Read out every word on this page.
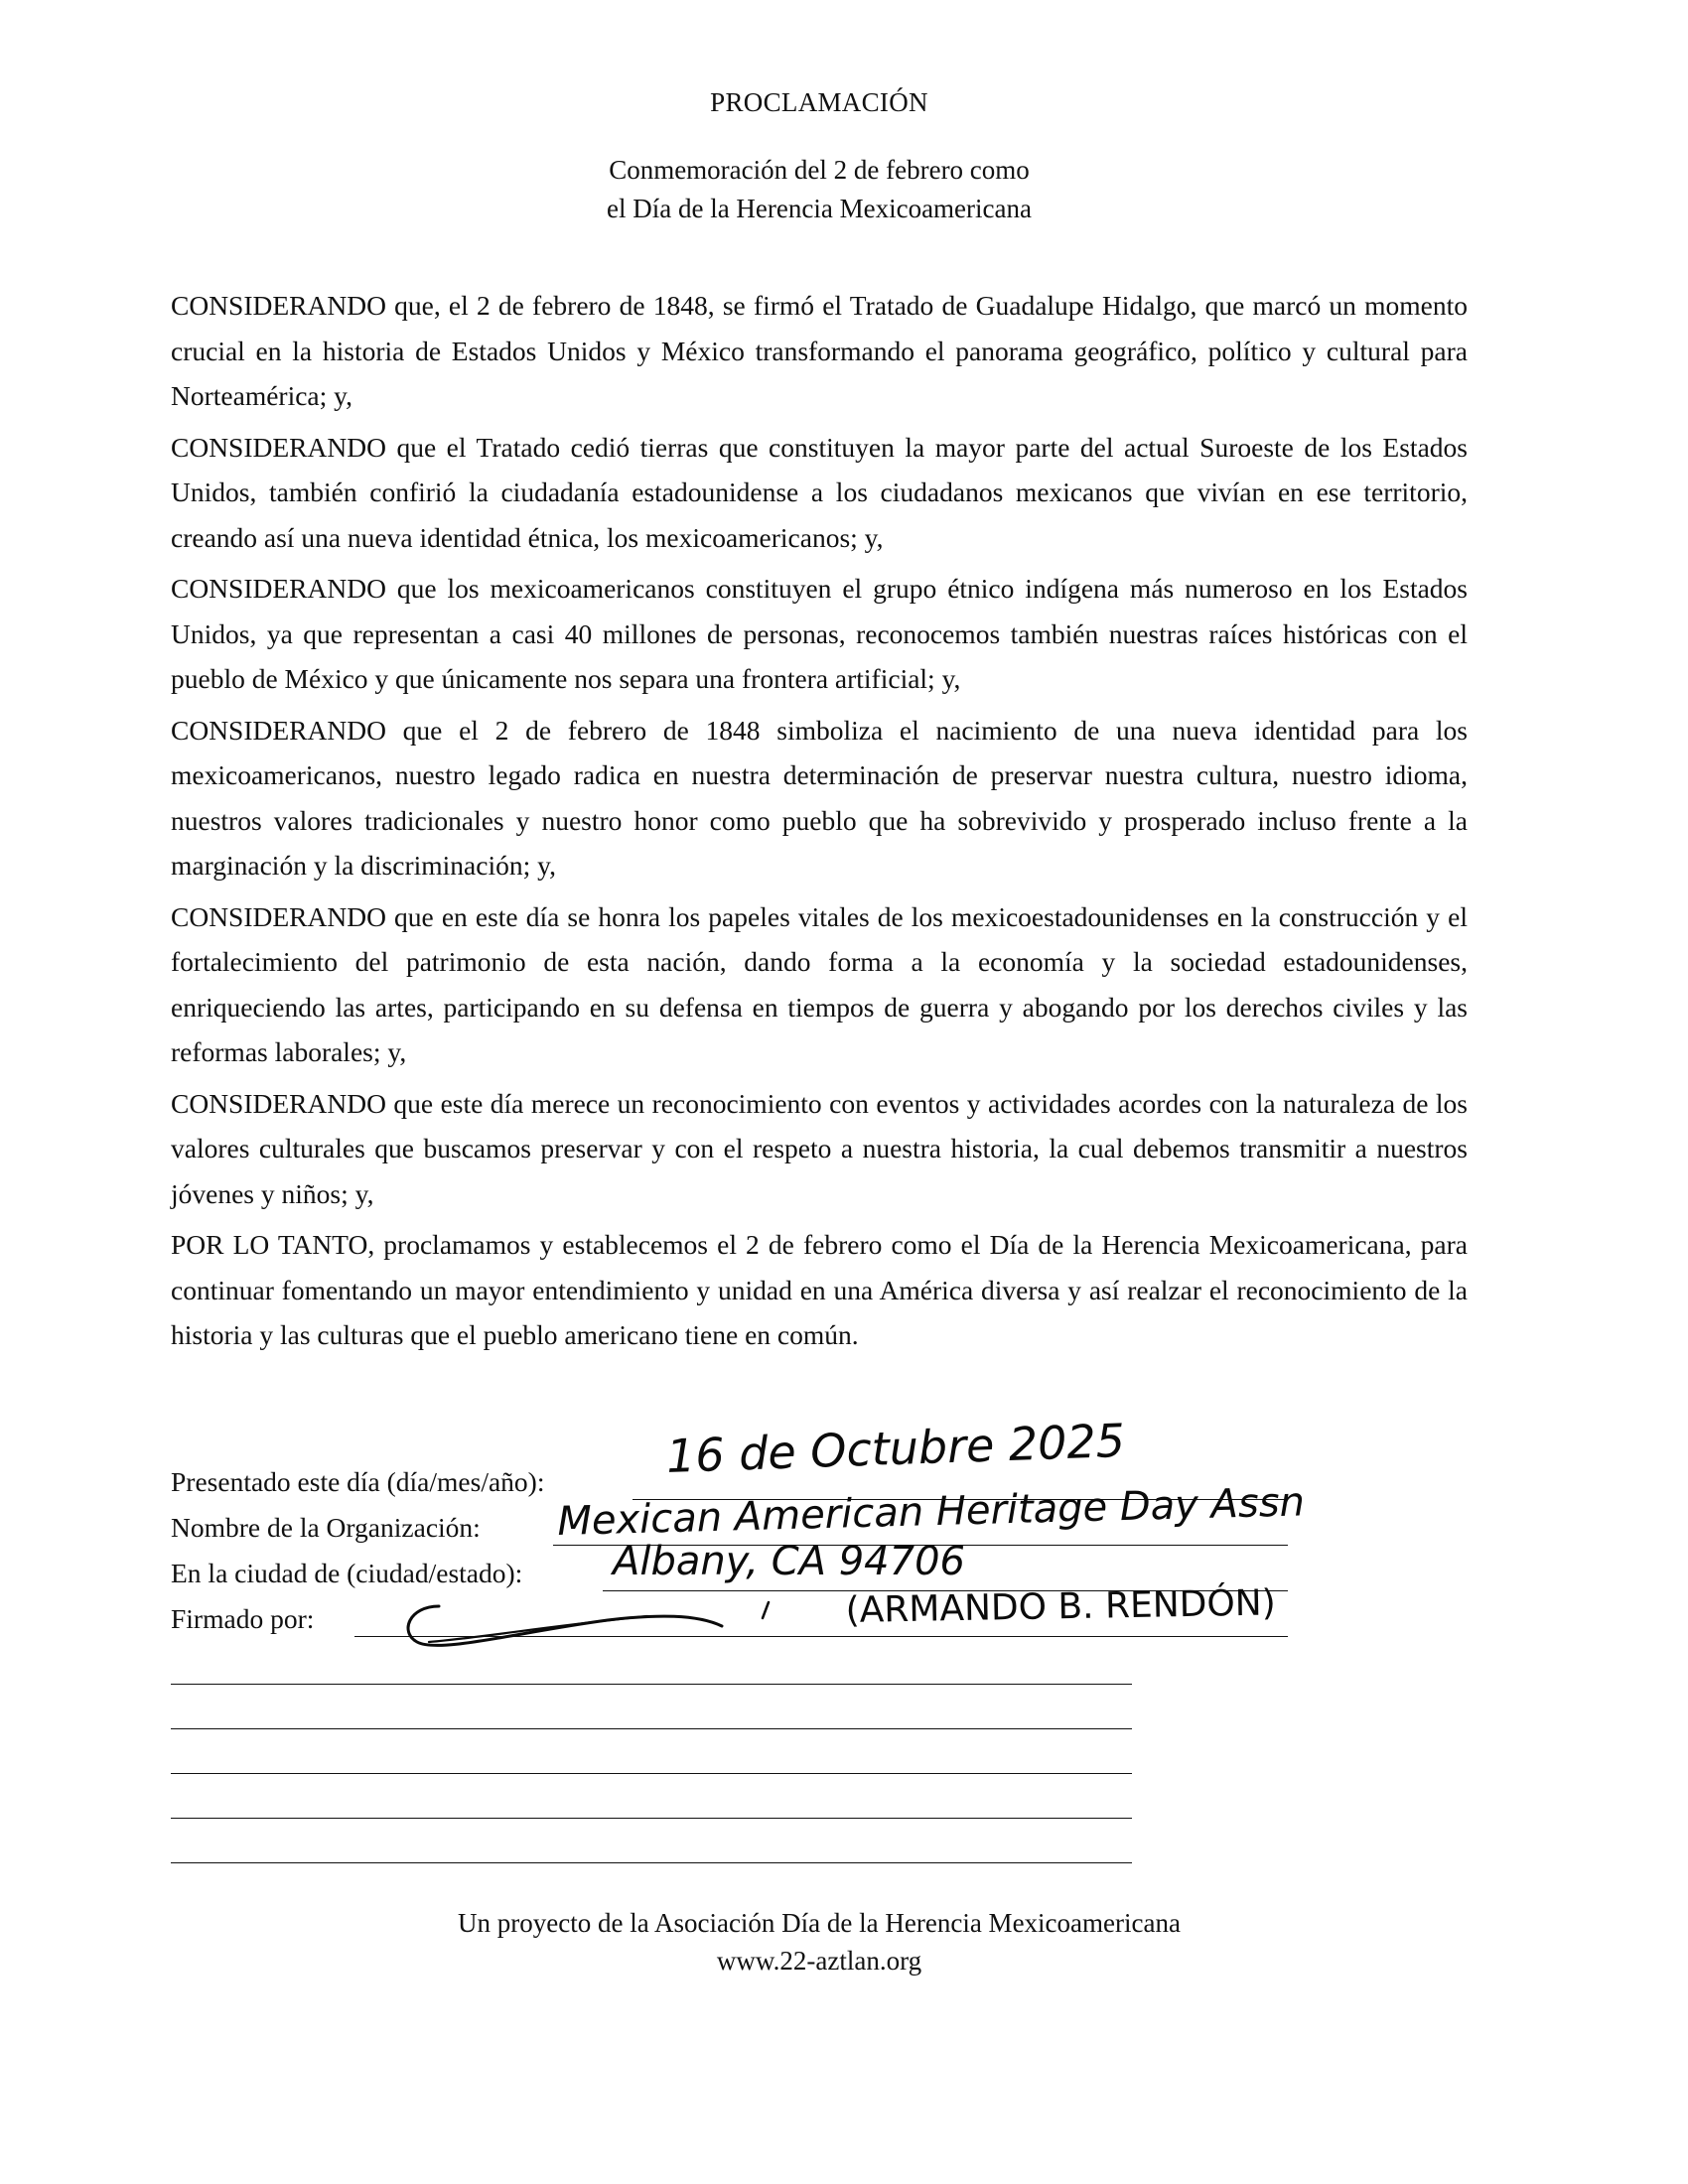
PROCLAMACIÓN
Conmemoración del 2 de febrero como
el Día de la Herencia Mexicoamericana

CONSIDERANDO que, el 2 de febrero de 1848, se firmó el Tratado de Guadalupe Hidalgo, que marcó un momento crucial en la historia de Estados Unidos y México transformando el panorama geográfico, político y cultural para Norteamérica; y,

CONSIDERANDO que el Tratado cedió tierras que constituyen la mayor parte del actual Suroeste de los Estados Unidos, también confirió la ciudadanía estadounidense a los ciudadanos mexicanos que vivían en ese territorio, creando así una nueva identidad étnica, los mexicoamericanos; y,

CONSIDERANDO que los mexicoamericanos constituyen el grupo étnico indígena más numeroso en los Estados Unidos, ya que representan a casi 40 millones de personas, reconocemos también nuestras raíces históricas con el pueblo de México y que únicamente nos separa una frontera artificial; y,

CONSIDERANDO que el 2 de febrero de 1848 simboliza el nacimiento de una nueva identidad para los mexicoamericanos, nuestro legado radica en nuestra determinación de preservar nuestra cultura, nuestro idioma, nuestros valores tradicionales y nuestro honor como pueblo que ha sobrevivido y prosperado incluso frente a la marginación y la discriminación; y,

CONSIDERANDO que en este día se honra los papeles vitales de los mexicoestadounidenses en la construcción y el fortalecimiento del patrimonio de esta nación, dando forma a la economía y la sociedad estadounidenses, enriqueciendo las artes, participando en su defensa en tiempos de guerra y abogando por los derechos civiles y las reformas laborales; y,

CONSIDERANDO que este día merece un reconocimiento con eventos y actividades acordes con la naturaleza de los valores culturales que buscamos preservar y con el respeto a nuestra historia, la cual debemos transmitir a nuestros jóvenes y niños; y,

POR LO TANTO, proclamamos y establecemos el 2 de febrero como el Día de la Herencia Mexicoamericana, para continuar fomentando un mayor entendimiento y unidad en una América diversa y así realzar el reconocimiento de la historia y las culturas que el pueblo americano tiene en común.

Presentado este día (día/mes/año):	16 de Octubre 2025
Nombre de la Organización: Mexican American Heritage Day Assn
En la ciudad de (ciudad/estado): Albany, CA 94706
Firmado por:	(ARMANDO B. RENDÓN)
Un proyecto de la Asociación Día de la Herencia Mexicoamericana
www.22-aztlan.org
